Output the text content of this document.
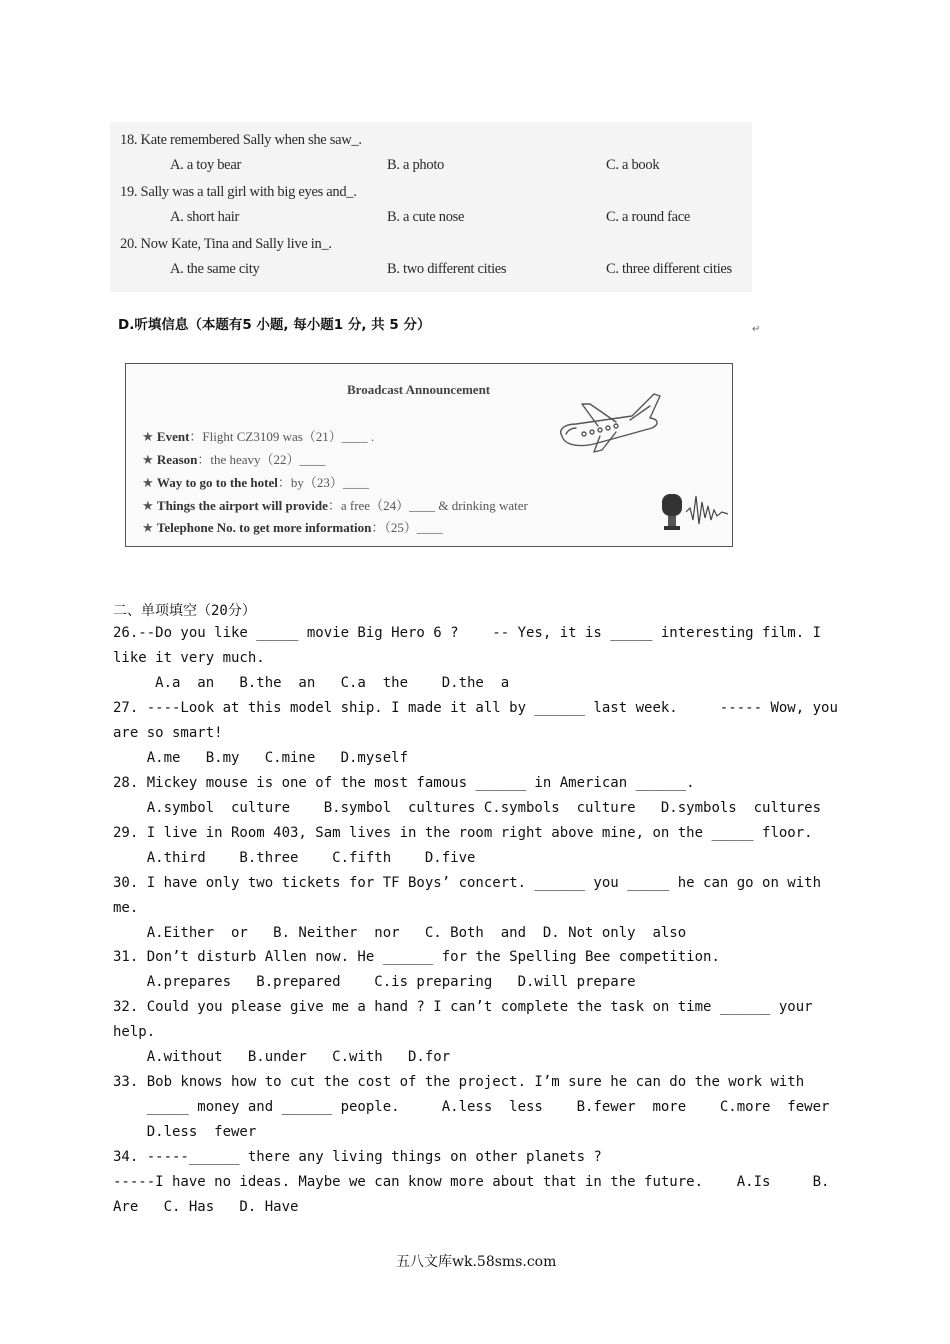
18. Kate remembered Sally when she saw_.
A. a toy bear	B. a photo	C. a book
19. Sally was a tall girl with big eyes and_.
A. short hair	B. a cute nose	C. a round face
20. Now Kate, Tina and Sally live in_.
A. the same city	B. two different cities	C. three different cities
D.听填信息（本题有5 小题, 每小题1 分, 共 5 分）	↵
Broadcast Announcement
★ Event：Flight CZ3109 was（21）____ .
★ Reason：the heavy（22）____
★ Way to go to the hotel：by（23）____
★ Things the airport will provide：a free（24）____ & drinking water
★ Telephone No. to get more information：（25）____
二、单项填空（20分）
26.--Do you like _____ movie Big Hero 6 ?    -- Yes, it is _____ interesting film. I
like it very much.
A.a  an   B.the  an   C.a  the    D.the  a
27. ----Look at this model ship. I made it all by ______ last week.     ----- Wow, you
are so smart!
A.me   B.my   C.mine   D.myself
28. Mickey mouse is one of the most famous ______ in American ______.
A.symbol  culture    B.symbol  cultures C.symbols  culture   D.symbols  cultures
29. I live in Room 403, Sam lives in the room right above mine, on the _____ floor.
A.third    B.three    C.fifth    D.five
30. I have only two tickets for TF Boys’ concert. ______ you _____ he can go on with
me.
A.Either  or   B. Neither  nor   C. Both  and  D. Not only  also
31. Don’t disturb Allen now. He ______ for the Spelling Bee competition.
A.prepares   B.prepared    C.is preparing   D.will prepare
32. Could you please give me a hand ? I can’t complete the task on time ______ your
help.
A.without   B.under   C.with   D.for
33. Bob knows how to cut the cost of the project. I’m sure he can do the work with
_____ money and ______ people.     A.less  less    B.fewer  more    C.more  fewer
D.less  fewer
34. -----______ there any living things on other planets ?
-----I have no ideas. Maybe we can know more about that in the future.    A.Is     B.
Are   C. Has   D. Have
五八文库wk.58sms.com
